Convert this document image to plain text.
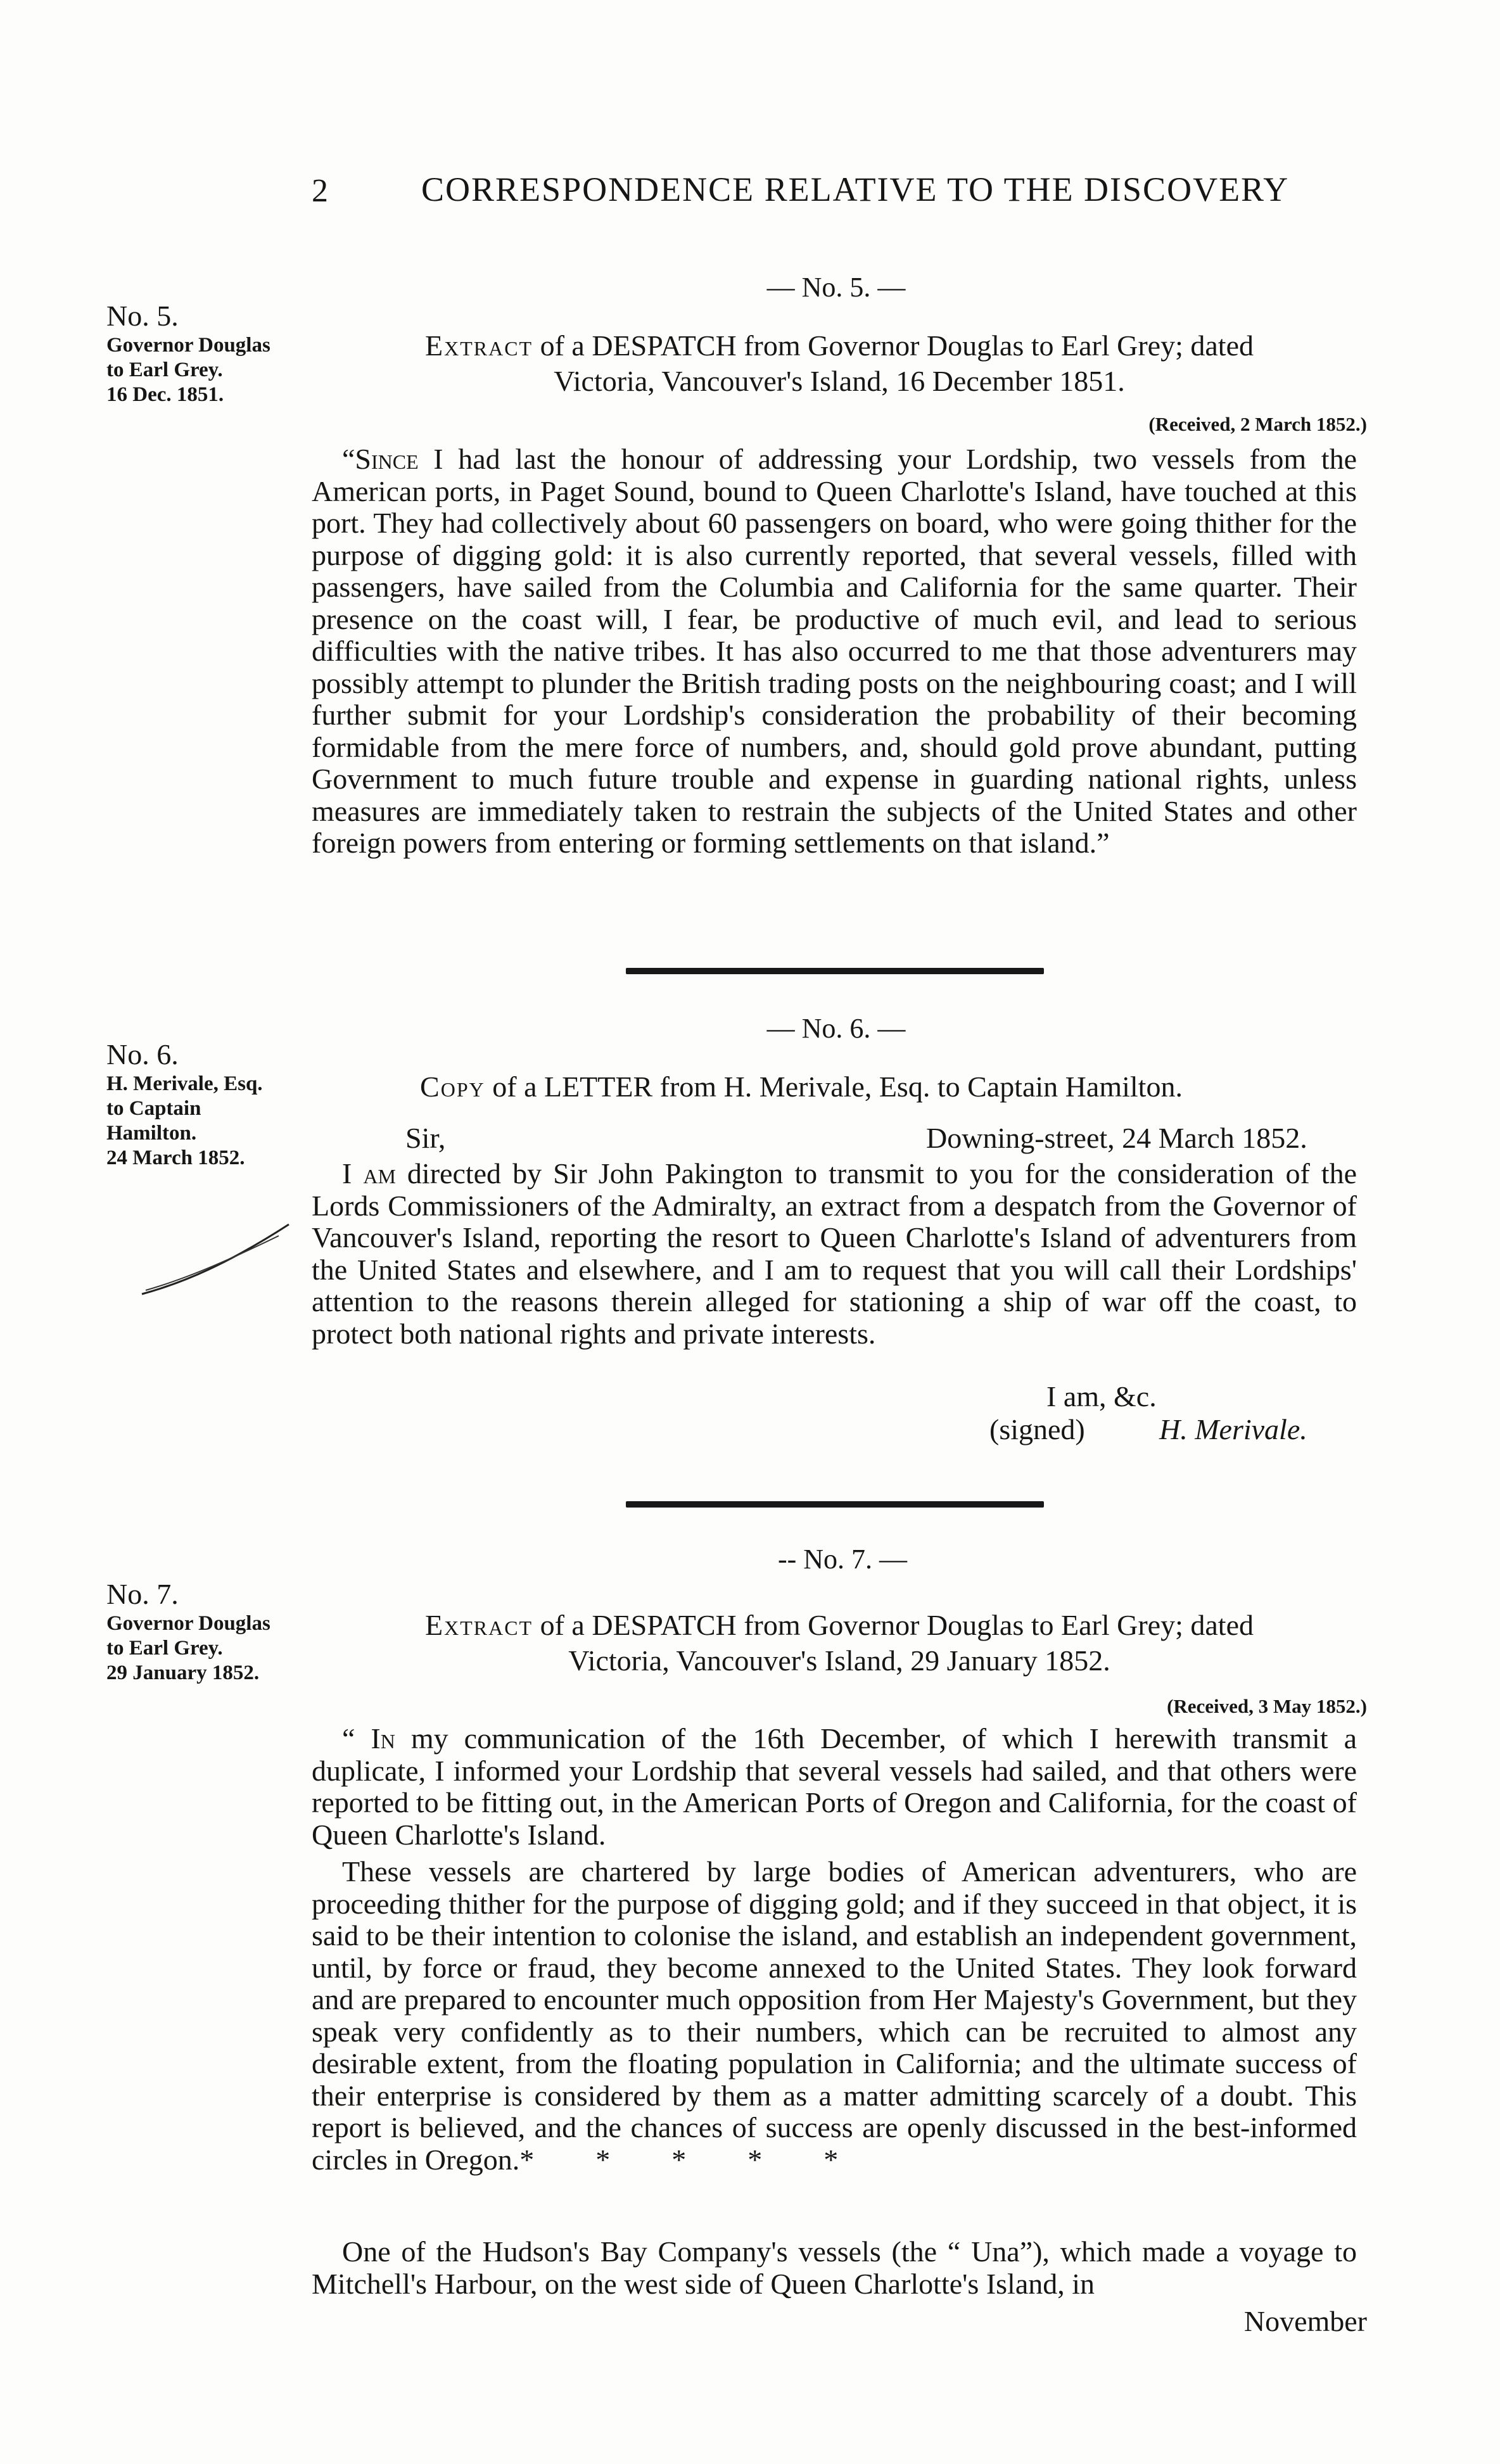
2	CORRESPONDENCE RELATIVE TO THE DISCOVERY
— No. 5. —
No. 5.
Governor Douglas
to Earl Grey.
16 Dec. 1851.
Extract of a DESPATCH from Governor Douglas to Earl Grey; dated
Victoria, Vancouver's Island, 16 December 1851.
(Received, 2 March 1852.)

“Since I had last the honour of addressing your Lordship, two vessels from the American ports, in Paget Sound, bound to Queen Charlotte's Island, have touched at this port. They had collectively about 60 passengers on board, who were going thither for the purpose of digging gold: it is also currently reported, that several vessels, filled with passengers, have sailed from the Columbia and California for the same quarter. Their presence on the coast will, I fear, be productive of much evil, and lead to serious difficulties with the native tribes. It has also occurred to me that those adventurers may possibly attempt to plunder the British trading posts on the neighbouring coast; and I will further submit for your Lordship's consideration the probability of their becoming formidable from the mere force of numbers, and, should gold prove abundant, putting Government to much future trouble and expense in guarding national rights, unless measures are immediately taken to restrain the subjects of the United States and other foreign powers from entering or forming settlements on that island.”

— No. 6. —
No. 6.
H. Merivale, Esq.
to Captain
Hamilton.
24 March 1852.
Copy of a LETTER from H. Merivale, Esq. to Captain Hamilton.
Sir,	Downing-street, 24 March 1852.

I am directed by Sir John Pakington to transmit to you for the consideration of the Lords Commissioners of the Admiralty, an extract from a despatch from the Governor of Vancouver's Island, reporting the resort to Queen Charlotte's Island of adventurers from the United States and elsewhere, and I am to request that you will call their Lordships' attention to the reasons therein alleged for stationing a ship of war off the coast, to protect both national rights and private interests.

I am, &c.
(signed)	H. Merivale.
-- No. 7. —
No. 7.
Governor Douglas
to Earl Grey.
29 January 1852.
Extract of a DESPATCH from Governor Douglas to Earl Grey; dated
Victoria, Vancouver's Island, 29 January 1852.
(Received, 3 May 1852.)

“ In my communication of the 16th December, of which I herewith transmit a duplicate, I informed your Lordship that several vessels had sailed, and that others were reported to be fitting out, in the American Ports of Oregon and California, for the coast of Queen Charlotte's Island.

These vessels are chartered by large bodies of American adventurers, who are proceeding thither for the purpose of digging gold; and if they succeed in that object, it is said to be their intention to colonise the island, and establish an independent government, until, by force or fraud, they become annexed to the United States. They look forward and are prepared to encounter much opposition from Her Majesty's Government, but they speak very confidently as to their numbers, which can be recruited to almost any desirable extent, from the floating population in California; and the ultimate success of their enterprise is considered by them as a matter admitting scarcely of a doubt. This report is believed, and the chances of success are openly discussed in the best-informed circles in Oregon.*      *      *      *      *

One of the Hudson's Bay Company's vessels (the “ Una”), which made a voyage to Mitchell's Harbour, on the west side of Queen Charlotte's Island, in

November
